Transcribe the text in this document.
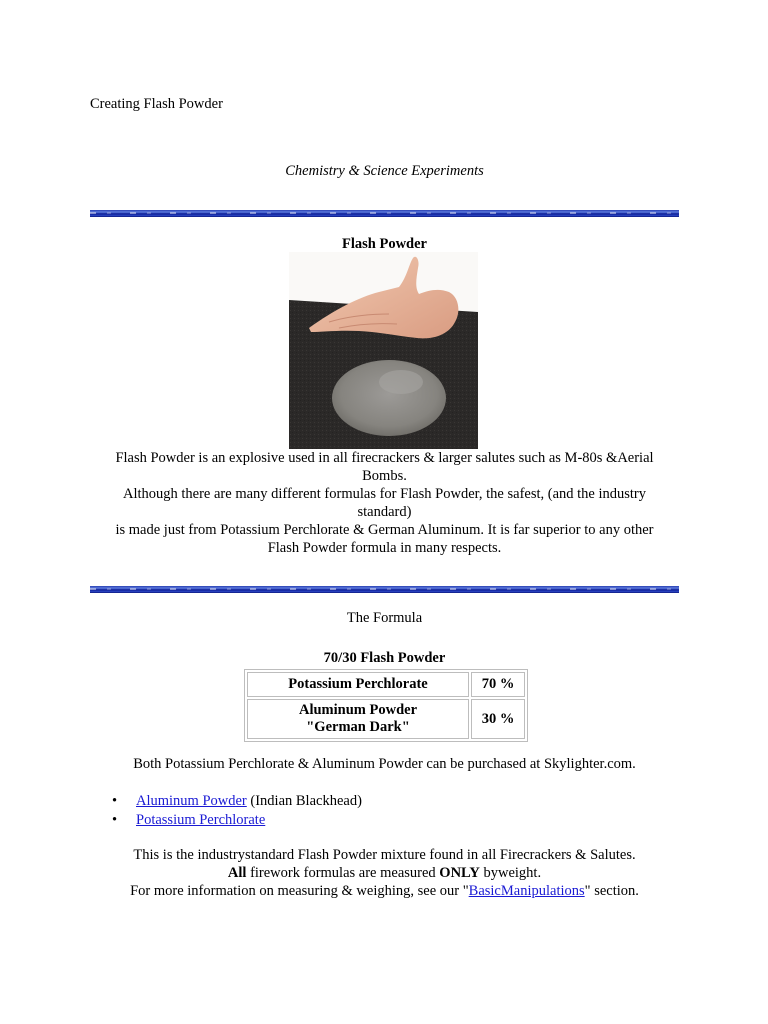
Creating Flash Powder
Chemistry & Science Experiments
Flash Powder
Flash Powder is an explosive used in all firecrackers & larger salutes such as M-80s &Aerial
Bombs.
Although there are many different formulas for Flash Powder, the safest, (and the industry
standard)
is made just from Potassium Perchlorate & German Aluminum. It is far superior to any other
Flash Powder formula in many respects.
The Formula
70/30 Flash Powder
Potassium Perchlorate	70 %

Aluminum Powder
"German Dark"	30 %
Both Potassium Perchlorate & Aluminum Powder can be purchased at Skylighter.com.
• Aluminum Powder (Indian Blackhead)
• Potassium Perchlorate
This is the industrystandard Flash Powder mixture found in all Firecrackers & Salutes.
All firework formulas are measured ONLY byweight.
For more information on measuring & weighing, see our "BasicManipulations" section.
